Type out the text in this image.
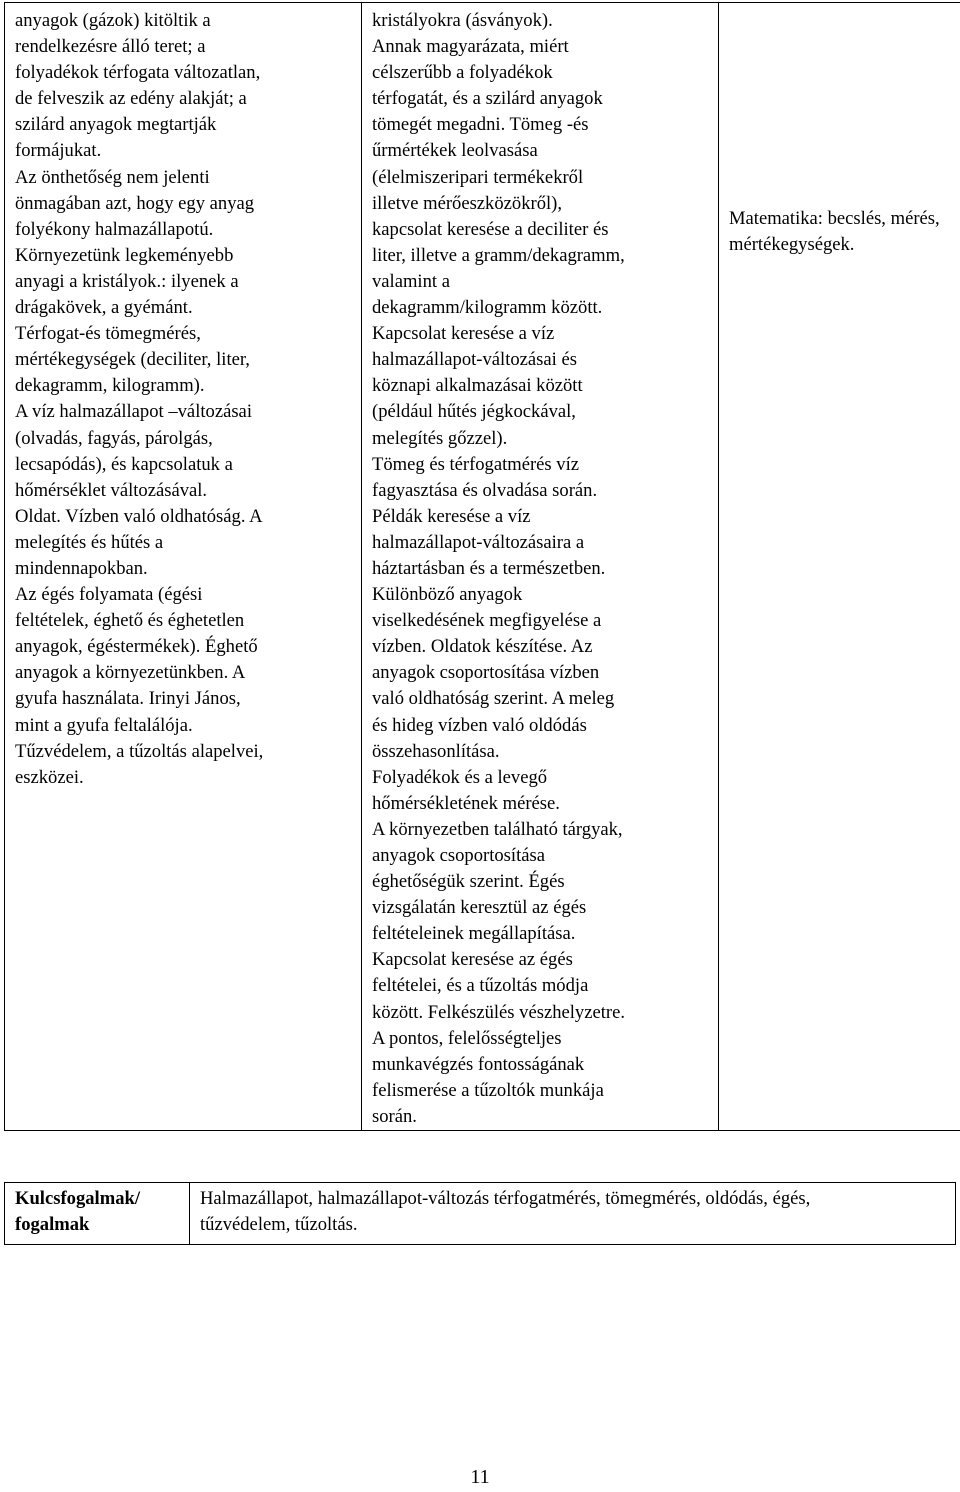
anyagok (gázok) kitöltik a
rendelkezésre álló teret; a
folyadékok térfogata változatlan,
de felveszik az edény alakját; a
szilárd anyagok megtartják
formájukat.
Az önthetőség nem jelenti
önmagában azt, hogy egy anyag
folyékony halmazállapotú.
Környezetünk legkeményebb
anyagi a kristályok.: ilyenek a
drágakövek, a gyémánt.
Térfogat-és tömegmérés,
mértékegységek (deciliter, liter,
dekagramm, kilogramm).
A víz halmazállapot –változásai
(olvadás, fagyás, párolgás,
lecsapódás), és kapcsolatuk a
hőmérséklet változásával.
Oldat. Vízben való oldhatóság. A
melegítés és hűtés a
mindennapokban.
Az égés folyamata (égési
feltételek, éghető és éghetetlen
anyagok, égéstermékek). Éghető
anyagok a környezetünkben. A
gyufa használata. Irinyi János,
mint a gyufa feltalálója.
Tűzvédelem, a tűzoltás alapelvei,
eszközei.

kristályokra (ásványok).
Annak magyarázata, miért
célszerűbb a folyadékok
térfogatát, és a szilárd anyagok
tömegét megadni. Tömeg -és
űrmértékek leolvasása
(élelmiszeripari termékekről
illetve mérőeszközökről),
kapcsolat keresése a deciliter és
liter, illetve a gramm/dekagramm,
valamint a
dekagramm/kilogramm között.
Kapcsolat keresése a víz
halmazállapot-változásai és
köznapi alkalmazásai között
(például hűtés jégkockával,
melegítés gőzzel).
Tömeg és térfogatmérés víz
fagyasztása és olvadása során.
Példák keresése a víz
halmazállapot-változásaira a
háztartásban és a természetben.
Különböző anyagok
viselkedésének megfigyelése a
vízben. Oldatok készítése. Az
anyagok csoportosítása vízben
való oldhatóság szerint. A meleg
és hideg vízben való oldódás
összehasonlítása.
Folyadékok és a levegő
hőmérsékletének mérése.
A környezetben található tárgyak,
anyagok csoportosítása
éghetőségük szerint. Égés
vizsgálatán keresztül az égés
feltételeinek megállapítása.
Kapcsolat keresése az égés
feltételei, és a tűzoltás módja
között. Felkészülés vészhelyzetre.
A pontos, felelősségteljes
munkavégzés fontosságának
felismerése a tűzoltók munkája
során.

Matematika: becslés, mérés,
mértékegységek.
Kulcsfogalmak/
fogalmak

Halmazállapot, halmazállapot-változás térfogatmérés, tömegmérés, oldódás, égés,
tűzvédelem, tűzoltás.
11
